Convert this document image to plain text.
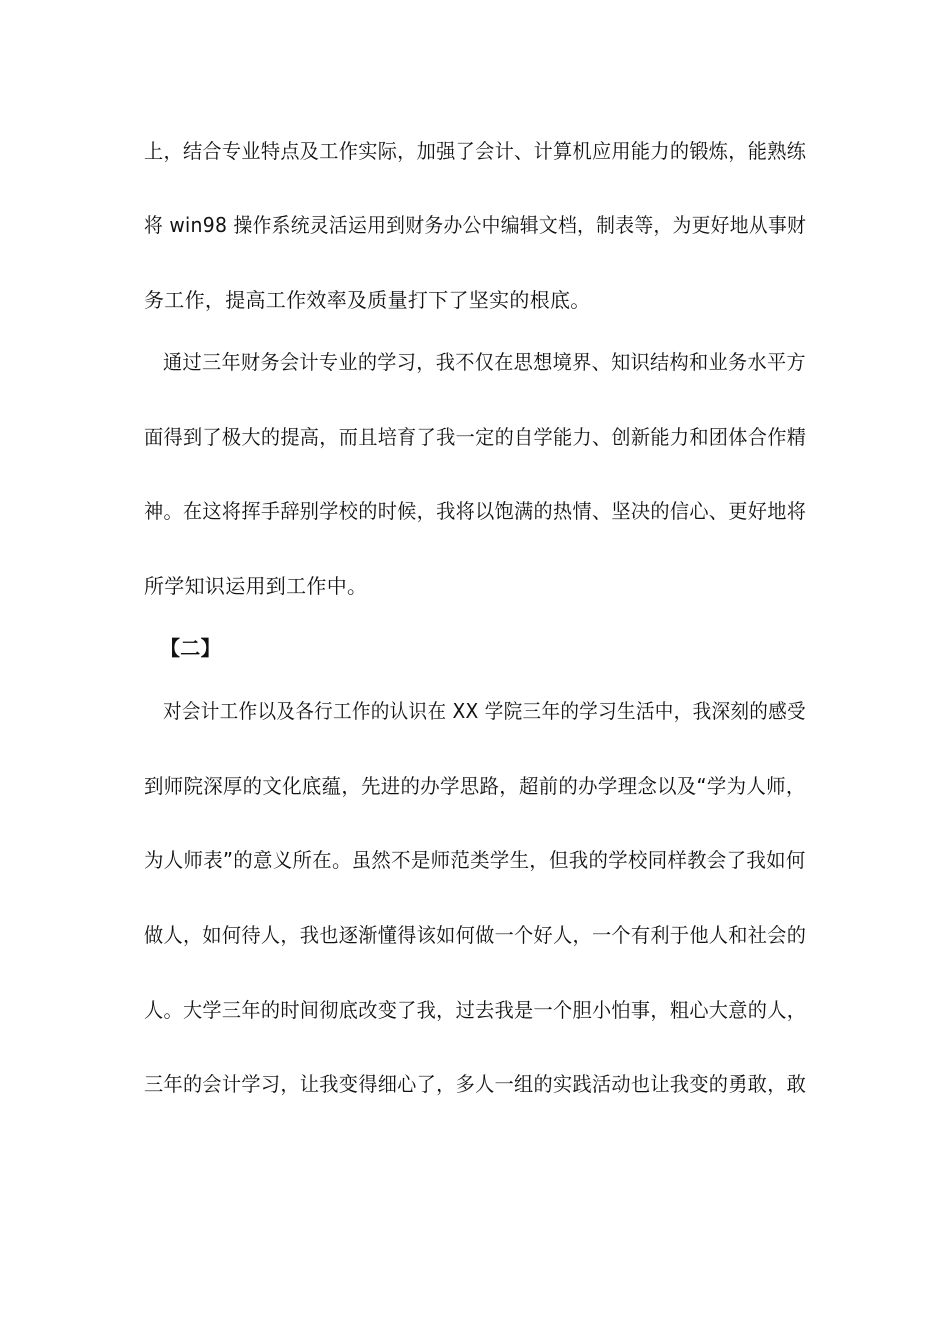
上，结合专业特点及工作实际，加强了会计、计算机应用能力的锻炼，能熟练
将 win98 操作系统灵活运用到财务办公中编辑文档，制表等，为更好地从事财
务工作，提高工作效率及质量打下了坚实的根底。
通过三年财务会计专业的学习，我不仅在思想境界、知识结构和业务水平方
面得到了极大的提高，而且培育了我一定的自学能力、创新能力和团体合作精
神。在这将挥手辞别学校的时候，我将以饱满的热情、坚决的信心、更好地将
所学知识运用到工作中。
【二】
对会计工作以及各行工作的认识在 XX 学院三年的学习生活中，我深刻的感受
到师院深厚的文化底蕴，先进的办学思路，超前的办学理念以及“学为人师，
为人师表”的意义所在。虽然不是师范类学生，但我的学校同样教会了我如何
做人，如何待人，我也逐渐懂得该如何做一个好人，一个有利于他人和社会的
人。大学三年的时间彻底改变了我，过去我是一个胆小怕事，粗心大意的人，
三年的会计学习，让我变得细心了，多人一组的实践活动也让我变的勇敢，敢
